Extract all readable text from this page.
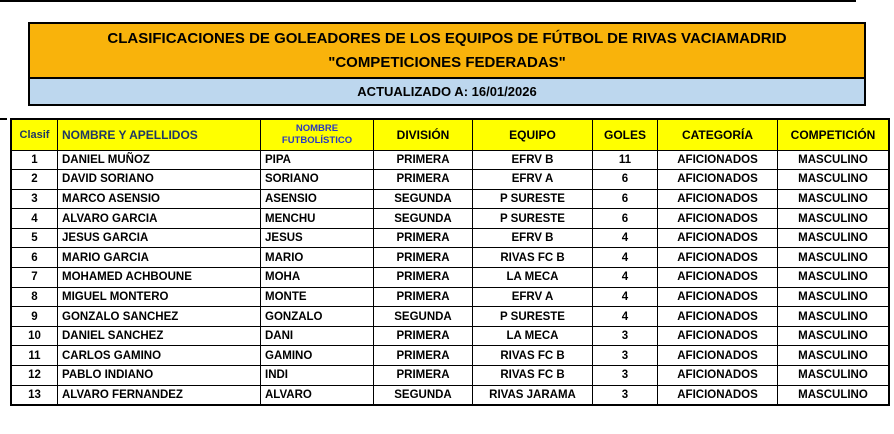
CLASIFICACIONES DE GOLEADORES DE LOS EQUIPOS DE FÚTBOL DE RIVAS VACIAMADRID
"COMPETICIONES FEDERADAS"
ACTUALIZADO A: 16/01/2026
Clasif	NOMBRE Y APELLIDOS	NOMBRE FUTBOLÍSTICO	DIVISIÓN	EQUIPO	GOLES	CATEGORÍA	COMPETICIÓN
1	DANIEL MUÑOZ	PIPA	PRIMERA	EFRV B	11	AFICIONADOS	MASCULINO
2	DAVID SORIANO	SORIANO	PRIMERA	EFRV A	6	AFICIONADOS	MASCULINO
3	MARCO ASENSIO	ASENSIO	SEGUNDA	P SURESTE	6	AFICIONADOS	MASCULINO
4	ALVARO GARCIA	MENCHU	SEGUNDA	P SURESTE	6	AFICIONADOS	MASCULINO
5	JESUS GARCIA	JESUS	PRIMERA	EFRV B	4	AFICIONADOS	MASCULINO
6	MARIO GARCIA	MARIO	PRIMERA	RIVAS FC B	4	AFICIONADOS	MASCULINO
7	MOHAMED ACHBOUNE	MOHA	PRIMERA	LA MECA	4	AFICIONADOS	MASCULINO
8	MIGUEL MONTERO	MONTE	PRIMERA	EFRV A	4	AFICIONADOS	MASCULINO
9	GONZALO SANCHEZ	GONZALO	SEGUNDA	P SURESTE	4	AFICIONADOS	MASCULINO
10	DANIEL SANCHEZ	DANI	PRIMERA	LA MECA	3	AFICIONADOS	MASCULINO
11	CARLOS GAMINO	GAMINO	PRIMERA	RIVAS FC B	3	AFICIONADOS	MASCULINO
12	PABLO INDIANO	INDI	PRIMERA	RIVAS FC B	3	AFICIONADOS	MASCULINO
13	ALVARO FERNANDEZ	ALVARO	SEGUNDA	RIVAS JARAMA	3	AFICIONADOS	MASCULINO
